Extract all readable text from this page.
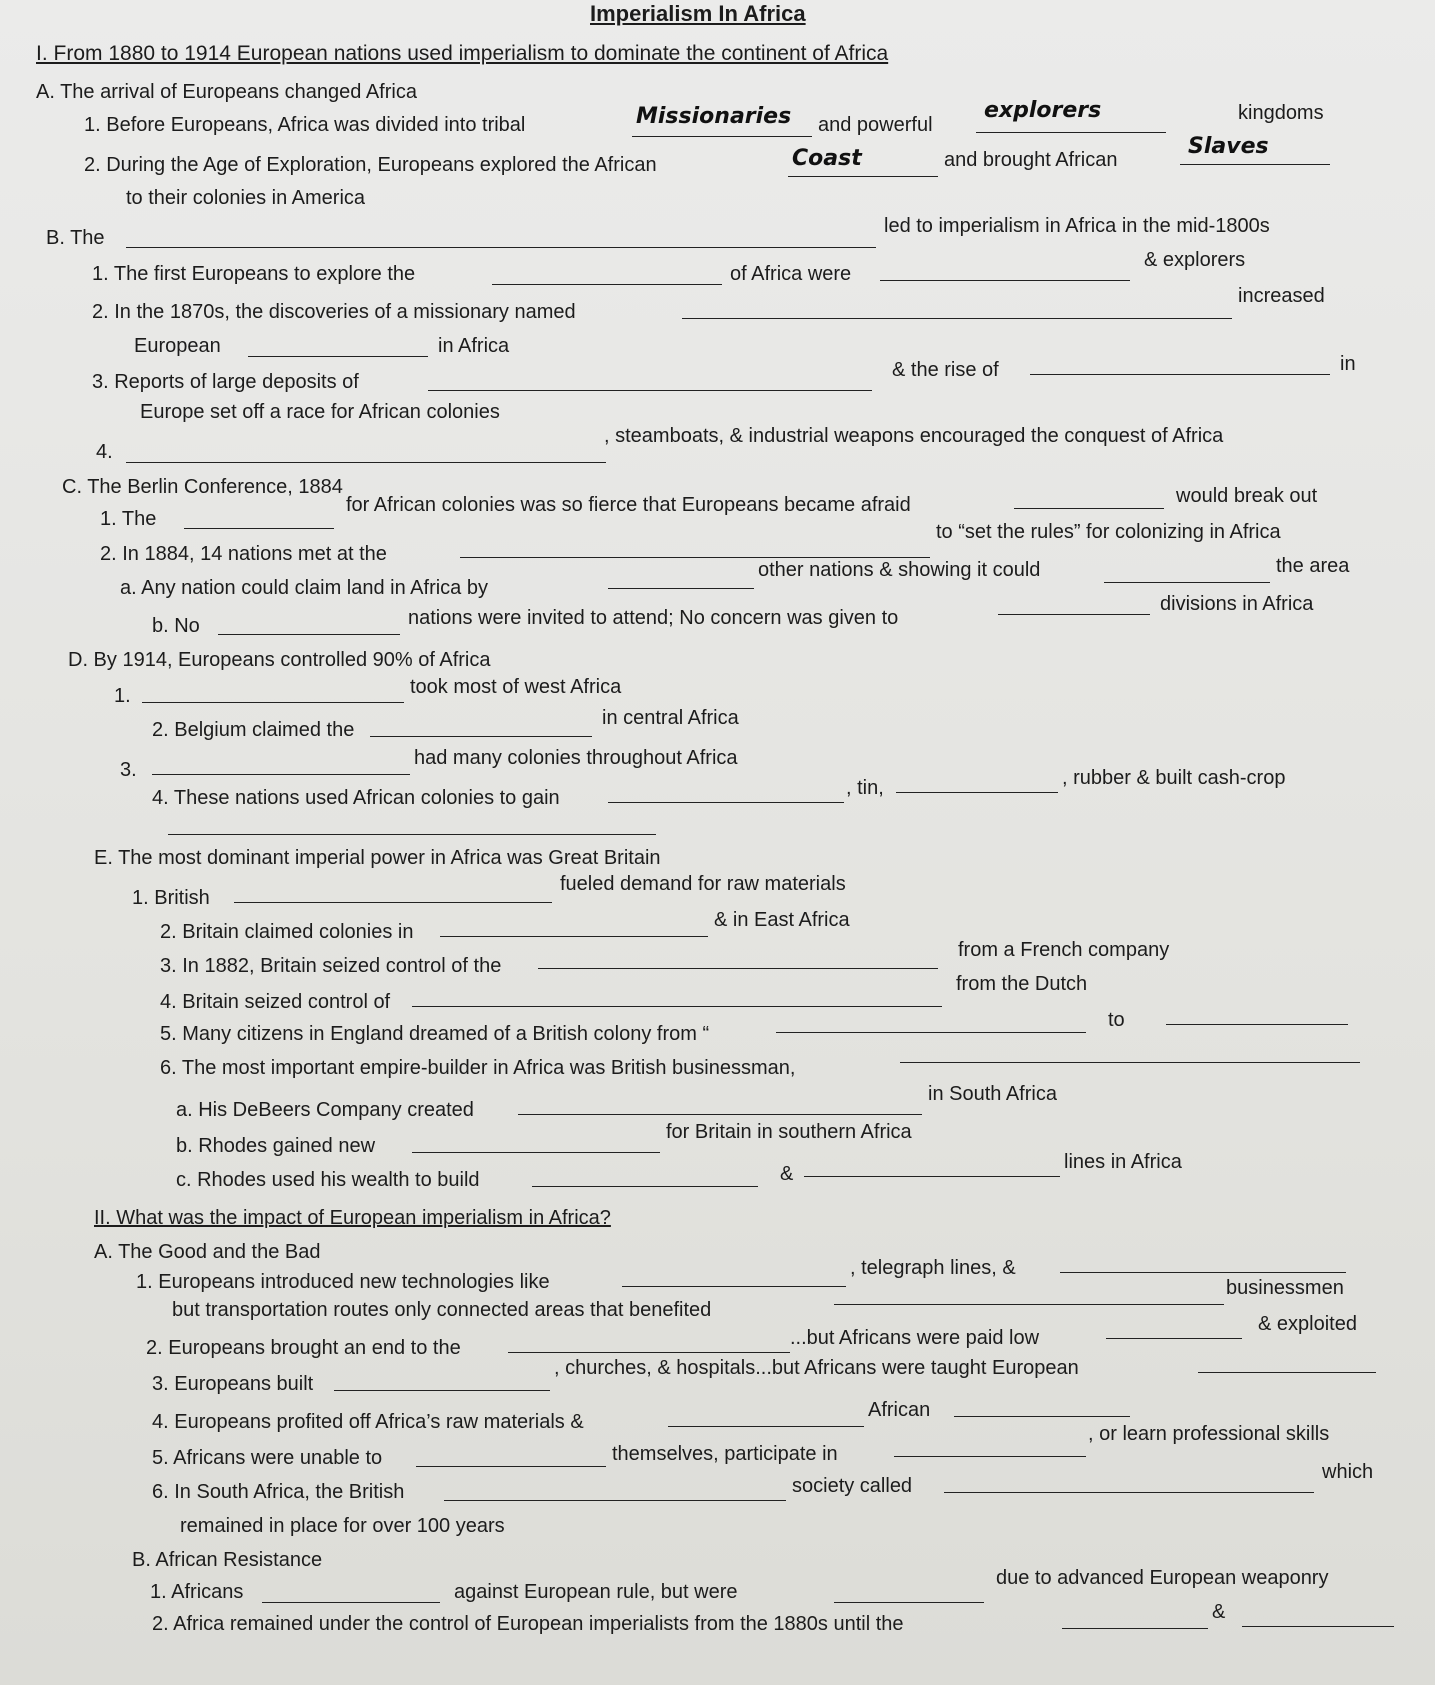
Imperialism In Africa
I. From 1880 to 1914 European nations used imperialism to dominate the continent of Africa
A. The arrival of Europeans changed Africa
1. Before Europeans, Africa was divided into tribal	Missionaries and powerful
explorers	kingdoms
2. During the Age of Exploration, Europeans explored the African	Coast	and brought African
Slaves
to their colonies in America
B. The
led to imperialism in Africa in the mid-1800s
1. The first Europeans to explore the	of Africa were
& explorers
2. In the 1870s, the discoveries of a missionary named
increased
European	in Africa
3. Reports of large deposits of
& the rise of	in
Europe set off a race for African colonies
4.
, steamboats, & industrial weapons encouraged the conquest of Africa
C. The Berlin Conference, 1884
1. The
for African colonies was so fierce that Europeans became afraid	would break out
2. In 1884, 14 nations met at the
to “set the rules” for colonizing in Africa
a. Any nation could claim land in Africa by
other nations & showing it could	the area
b. No	nations were invited to attend; No concern was given to
divisions in Africa
D. By 1914, Europeans controlled 90% of Africa
1.	took most of west Africa
2. Belgium claimed the
in central Africa
3.
had many colonies throughout Africa
4. These nations used African colonies to gain	, tin,	, rubber & built cash-crop
E. The most dominant imperial power in Africa was Great Britain
1. British
fueled demand for raw materials
2. Britain claimed colonies in
& in East Africa
3. In 1882, Britain seized control of the
from a French company
4. Britain seized control of
from the Dutch
5. Many citizens in England dreamed of a British colony from “
to
6. The most important empire-builder in Africa was British businessman,
a. His DeBeers Company created
in South Africa
b. Rhodes gained new
for Britain in southern Africa
c. Rhodes used his wealth to build	&
lines in Africa
II. What was the impact of European imperialism in Africa?
A. The Good and the Bad
1. Europeans introduced new technologies like
, telegraph lines, &
but transportation routes only connected areas that benefited
businessmen
2. Europeans brought an end to the	...but Africans were paid low
& exploited
3. Europeans built
, churches, & hospitals...but Africans were taught European
4. Europeans profited off Africa’s raw materials &
African
5. Africans were unable to	themselves, participate in
, or learn professional skills
6. In South Africa, the British	society called
which
remained in place for over 100 years
B. African Resistance
1. Africans	against European rule, but were
due to advanced European weaponry
2. Africa remained under the control of European imperialists from the 1880s until the
&
